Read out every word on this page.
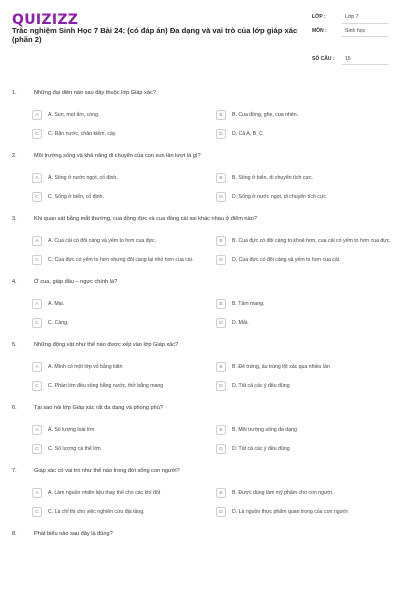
QUIZIZZ
Trắc nghiệm Sinh Học 7 Bài 24: (có đáp án) Đa dạng và vai trò của lớp giáp xác (phần 2)
LỚP :	Lớp 7
MÔN :	Sinh học
SỐ CÂU :	15
1.	Những đại diện nào sau đây thuộc lớp Giáp xác?
A	A. Sun, mọt ẩm, còng.	B	B. Cua đồng, ghẹ, cua nhện.
C	C. Rận nước, chân kiếm, cáy.	D	D. Cả A, B, C
2.	Môi trường sống và khả năng di chuyển của con sun lần lượt là gì?
A	A. Sống ở nước ngọt, cố định.	B	B. Sống ở biển, di chuyển tích cực.
C	C. Sống ở biển, cố định.	D	D. Sống ở nước ngọt, di chuyển tích cực.
3.	Khi quan sát bằng mắt thường, cua đồng đực và cua đồng cái sai khác nhau ở điểm nào?
A	A. Cua cái có đôi càng và yếm to hơn cua đực.	B	B. Cua đực có đôi càng to khoẻ hơn, cua cái có yếm to hơn cua đực.
C	C. Cua đực có yếm to hơn nhưng đôi càng lại nhỏ hơn cua cái.	D	D. Cua đực có đôi càng và yếm to hơn cua cái.
4.	Ở cua, giáp đầu – ngực chính là?
A	A. Mai.	B	B. Tấm mang.
C	C. Càng.	D	D. Mắt.
5.	Những động vật như thế nào được xếp vào lớp Giáp xác?
A	A. Mình có một lớp vỏ bằng kitin	B	B. Đẻ trứng, ấu trùng lột xác qua nhiều lần
C	C. Phần lớn đều sống bằng nước, thở bằng mang	D	D. Tất cả các ý đều đúng
6.	Tại sao nói lớp Giáp xác rất đa dạng và phong phú?
A	A. Số lượng loài lớn	B	B. Môi trường sống đa dạng
C	C. Số lượng cá thể lớn	D	D. Tất cả các ý đều đúng
7.	Giáp xác có vai trò như thế nào trong đời sống con người?
A	A. Làm nguồn nhiên liệu thay thế cho các khí đốt	B	B. Được dùng làm mỹ phẩm cho con người.
C	C. Là chỉ thị cho việc nghiên cứu địa tầng.	D	D. Là nguồn thực phẩm quan trọng của con người
8.	Phát biểu nào sau đây là đúng?
